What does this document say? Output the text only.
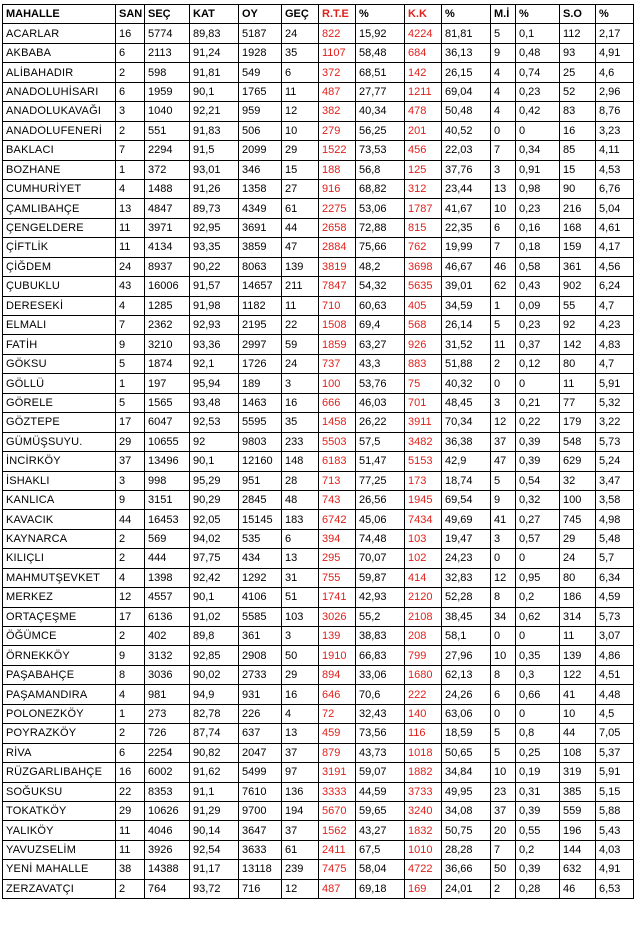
MAHALLE	SAN	SEÇ	KAT	OY	GEÇ	R.T.E	%	K.K	%	M.İ	%	S.O	%
ACARLAR	16	5774	89,83	5187	24	822	15,92	4224	81,81	5	0,1	112	2,17
AKBABA	6	2113	91,24	1928	35	1107	58,48	684	36,13	9	0,48	93	4,91
ALİBAHADIR	2	598	91,81	549	6	372	68,51	142	26,15	4	0,74	25	4,6
ANADOLUHİSARI	6	1959	90,1	1765	11	487	27,77	1211	69,04	4	0,23	52	2,96
ANADOLUKAVAĞI	3	1040	92,21	959	12	382	40,34	478	50,48	4	0,42	83	8,76
ANADOLUFENERİ	2	551	91,83	506	10	279	56,25	201	40,52	0	0	16	3,23
BAKLACI	7	2294	91,5	2099	29	1522	73,53	456	22,03	7	0,34	85	4,11
BOZHANE	1	372	93,01	346	15	188	56,8	125	37,76	3	0,91	15	4,53
CUMHURİYET	4	1488	91,26	1358	27	916	68,82	312	23,44	13	0,98	90	6,76
ÇAMLIBAHÇE	13	4847	89,73	4349	61	2275	53,06	1787	41,67	10	0,23	216	5,04
ÇENGELDERE	11	3971	92,95	3691	44	2658	72,88	815	22,35	6	0,16	168	4,61
ÇİFTLİK	11	4134	93,35	3859	47	2884	75,66	762	19,99	7	0,18	159	4,17
ÇİĞDEM	24	8937	90,22	8063	139	3819	48,2	3698	46,67	46	0,58	361	4,56
ÇUBUKLU	43	16006	91,57	14657	211	7847	54,32	5635	39,01	62	0,43	902	6,24
DERESEKİ	4	1285	91,98	1182	11	710	60,63	405	34,59	1	0,09	55	4,7
ELMALI	7	2362	92,93	2195	22	1508	69,4	568	26,14	5	0,23	92	4,23
FATİH	9	3210	93,36	2997	59	1859	63,27	926	31,52	11	0,37	142	4,83
GÖKSU	5	1874	92,1	1726	24	737	43,3	883	51,88	2	0,12	80	4,7
GÖLLÜ	1	197	95,94	189	3	100	53,76	75	40,32	0	0	11	5,91
GÖRELE	5	1565	93,48	1463	16	666	46,03	701	48,45	3	0,21	77	5,32
GÖZTEPE	17	6047	92,53	5595	35	1458	26,22	3911	70,34	12	0,22	179	3,22
GÜMÜŞSUYU.	29	10655	92	9803	233	5503	57,5	3482	36,38	37	0,39	548	5,73
İNCİRKÖY	37	13496	90,1	12160	148	6183	51,47	5153	42,9	47	0,39	629	5,24
İSHAKLI	3	998	95,29	951	28	713	77,25	173	18,74	5	0,54	32	3,47
KANLICA	9	3151	90,29	2845	48	743	26,56	1945	69,54	9	0,32	100	3,58
KAVACIK	44	16453	92,05	15145	183	6742	45,06	7434	49,69	41	0,27	745	4,98
KAYNARCA	2	569	94,02	535	6	394	74,48	103	19,47	3	0,57	29	5,48
KILIÇLI	2	444	97,75	434	13	295	70,07	102	24,23	0	0	24	5,7
MAHMUTŞEVKET	4	1398	92,42	1292	31	755	59,87	414	32,83	12	0,95	80	6,34
MERKEZ	12	4557	90,1	4106	51	1741	42,93	2120	52,28	8	0,2	186	4,59
ORTAÇEŞME	17	6136	91,02	5585	103	3026	55,2	2108	38,45	34	0,62	314	5,73
ÖĞÜMCE	2	402	89,8	361	3	139	38,83	208	58,1	0	0	11	3,07
ÖRNEKKÖY	9	3132	92,85	2908	50	1910	66,83	799	27,96	10	0,35	139	4,86
PAŞABAHÇE	8	3036	90,02	2733	29	894	33,06	1680	62,13	8	0,3	122	4,51
PAŞAMANDIRA	4	981	94,9	931	16	646	70,6	222	24,26	6	0,66	41	4,48
POLONEZKÖY	1	273	82,78	226	4	72	32,43	140	63,06	0	0	10	4,5
POYRAZKÖY	2	726	87,74	637	13	459	73,56	116	18,59	5	0,8	44	7,05
RİVA	6	2254	90,82	2047	37	879	43,73	1018	50,65	5	0,25	108	5,37
RÜZGARLIBAHÇE	16	6002	91,62	5499	97	3191	59,07	1882	34,84	10	0,19	319	5,91
SOĞUKSU	22	8353	91,1	7610	136	3333	44,59	3733	49,95	23	0,31	385	5,15
TOKATKÖY	29	10626	91,29	9700	194	5670	59,65	3240	34,08	37	0,39	559	5,88
YALIKÖY	11	4046	90,14	3647	37	1562	43,27	1832	50,75	20	0,55	196	5,43
YAVUZSELİM	11	3926	92,54	3633	61	2411	67,5	1010	28,28	7	0,2	144	4,03
YENİ MAHALLE	38	14388	91,17	13118	239	7475	58,04	4722	36,66	50	0,39	632	4,91
ZERZAVATÇI	2	764	93,72	716	12	487	69,18	169	24,01	2	0,28	46	6,53
